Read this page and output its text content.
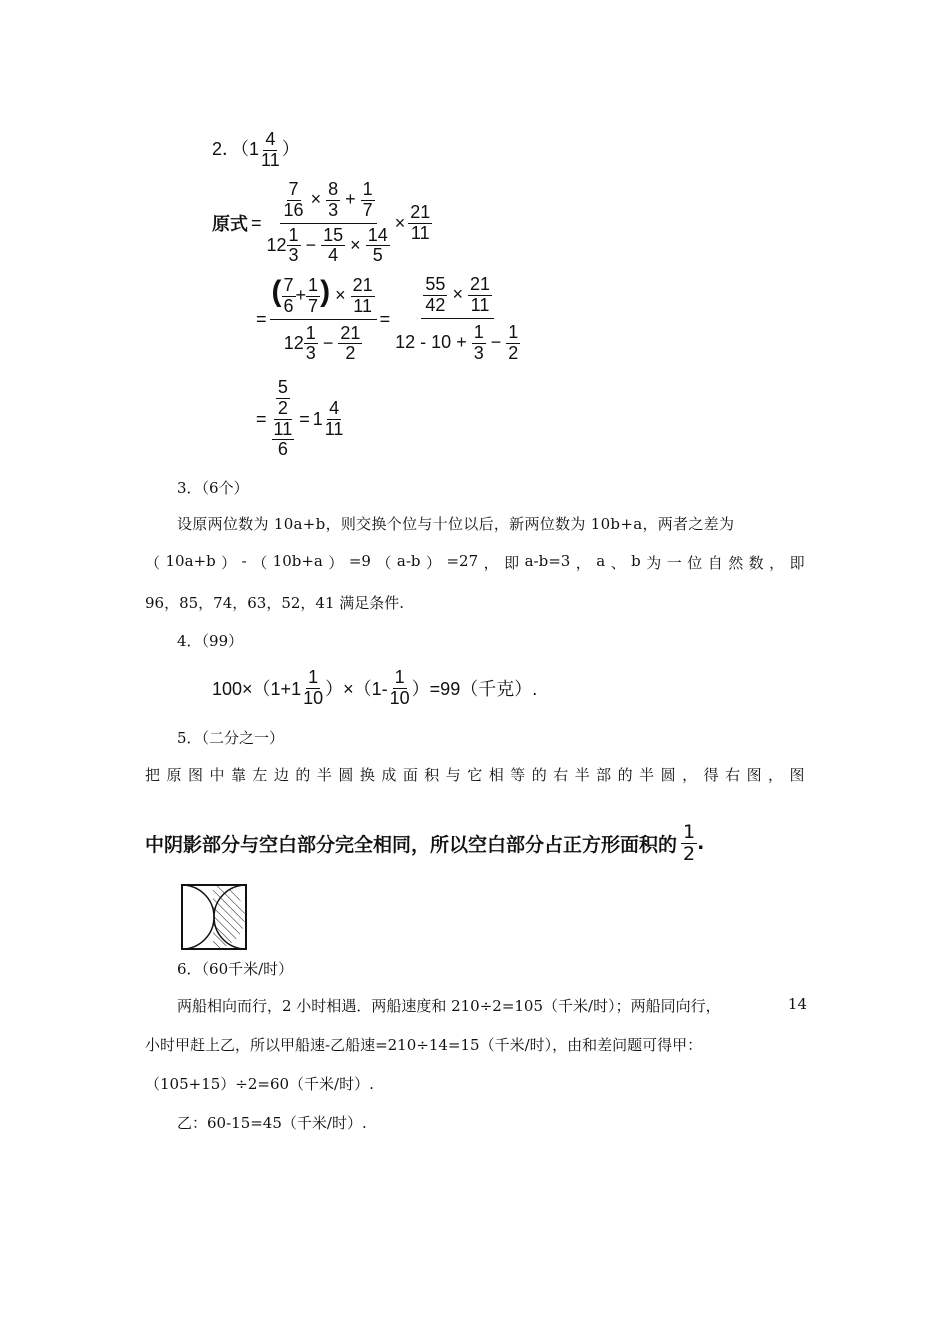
2．（$1 \frac{4}{11}$ ）
原式 = $\frac{\frac{7}{16} \times \frac{8}{3} + \frac{1}{7}}{12 \frac{1}{3} - \frac{15}{4} \times \frac{14}{5}} \times \frac{21}{11}$
= $\frac{( \frac{7}{6} + \frac{1}{7} ) \times \frac{21}{11}}{12 \frac{1}{3} - \frac{21}{2}} = \frac{\frac{55}{42} \times \frac{21}{11}}{12 - 10 + \frac{1}{3} - \frac{1}{2}}$
= $\frac{\frac{5}{2}}{\frac{11}{6}} = 1 \frac{4}{11}$
3．（6个）
设原两位数为 10a+b，则交换个位与十位以后，新两位数为 10b+a，两者之差为
（ 10a+b ） - （ 10b+a ） =9 （ a-b ） =27 ， 即 a-b=3 ， a 、 b 为 一 位 自 然 数 ， 即
96，85，74，63，52，41 满足条件.
4．（99）
$100\times(1+1 \frac{1}{10} )\times(1- \frac{1}{10} )=99$（千克）.
5．（二分之一）
把 原 图 中 靠 左 边 的 半 圆 换 成 面 积 与 它 相 等 的 右 半 部 的 半 圆 ， 得 右 图 ， 图
中阴影部分与空白部分完全相同，所以空白部分占正方形面积的 $\frac{1}{2}$ .
6．（60千米/时）
两船相向而行，2 小时相遇．两船速度和 210÷2=105（千米/时）；两船同向行，	14
小时甲赶上乙，所以甲船速-乙船速=210÷14=15（千米/时），由和差问题可得甲：
（105+15）÷2=60（千米/时）.
乙：60-15=45（千米/时）.
